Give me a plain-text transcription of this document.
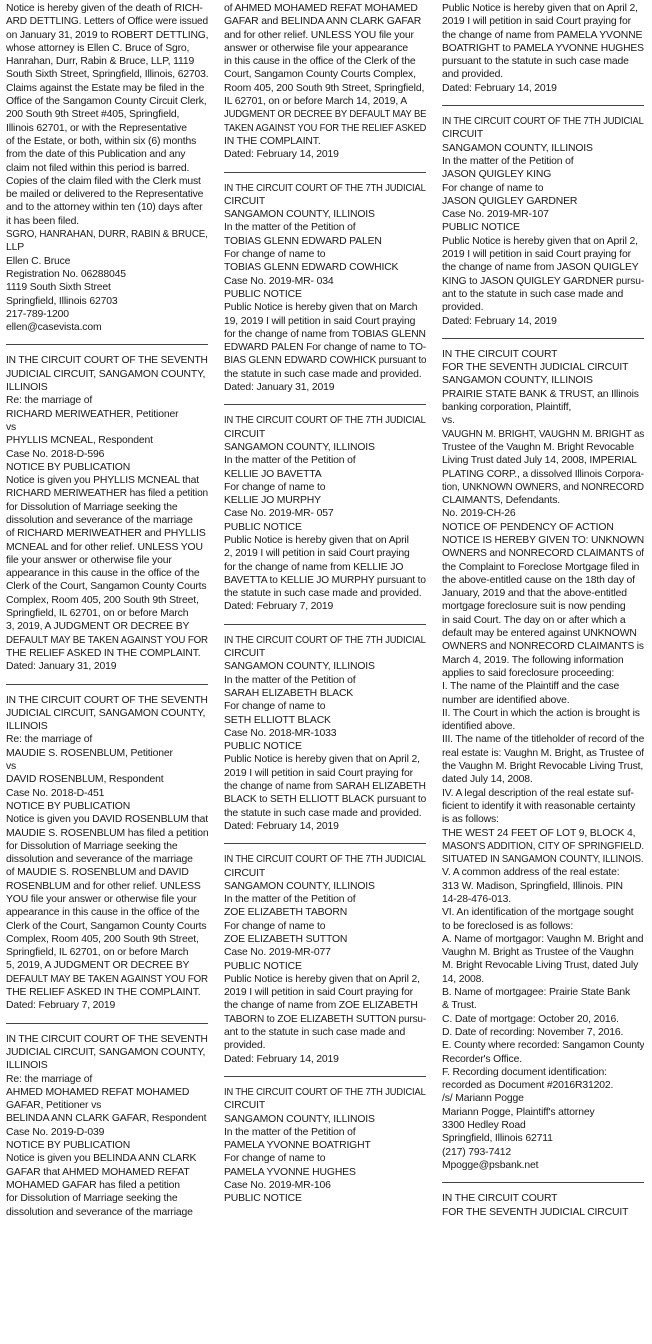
Notice is hereby given of the death of RICH-
ARD DETTLING. Letters of Office were issued
on January 31, 2019 to ROBERT DETTLING,
whose attorney is Ellen C. Bruce of Sgro,
Hanrahan, Durr, Rabin & Bruce, LLP, 1119
South Sixth Street, Springfield, Illinois, 62703.
Claims against the Estate may be filed in the
Office of the Sangamon County Circuit Clerk,
200 South 9th Street #405, Springfield,
Illinois 62701, or with the Representative
of the Estate, or both, within six (6) months
from the date of this Publication and any
claim not filed within this period is barred.
Copies of the claim filed with the Clerk must
be mailed or delivered to the Representative
and to the attorney within ten (10) days after
it has been filed.
SGRO, HANRAHAN, DURR, RABIN & BRUCE,
LLP
Ellen C. Bruce
Registration No. 06288045
1119 South Sixth Street
Springfield, Illinois 62703
217-789-1200
ellen@casevista.com
IN THE CIRCUIT COURT OF THE SEVENTH
JUDICIAL CIRCUIT, SANGAMON COUNTY,
ILLINOIS
Re: the marriage of
RICHARD MERIWEATHER, Petitioner
vs
PHYLLIS MCNEAL, Respondent
Case No. 2018-D-596
NOTICE BY PUBLICATION
Notice is given you PHYLLIS MCNEAL that
RICHARD MERIWEATHER has filed a petition
for Dissolution of Marriage seeking the
dissolution and severance of the marriage
of RICHARD MERIWEATHER and PHYLLIS
MCNEAL and for other relief. UNLESS YOU
file your answer or otherwise file your
appearance in this cause in the office of the
Clerk of the Court, Sangamon County Courts
Complex, Room 405, 200 South 9th Street,
Springfield, IL 62701, on or before March
3, 2019, A JUDGMENT OR DECREE BY
DEFAULT MAY BE TAKEN AGAINST YOU FOR
THE RELIEF ASKED IN THE COMPLAINT.
Dated: January 31, 2019
IN THE CIRCUIT COURT OF THE SEVENTH
JUDICIAL CIRCUIT, SANGAMON COUNTY,
ILLINOIS
Re: the marriage of
MAUDIE S. ROSENBLUM, Petitioner
vs
DAVID ROSENBLUM, Respondent
Case No. 2018-D-451
NOTICE BY PUBLICATION
Notice is given you DAVID ROSENBLUM that
MAUDIE S. ROSENBLUM has filed a petition
for Dissolution of Marriage seeking the
dissolution and severance of the marriage
of MAUDIE S. ROSENBLUM and DAVID
ROSENBLUM and for other relief. UNLESS
YOU file your answer or otherwise file your
appearance in this cause in the office of the
Clerk of the Court, Sangamon County Courts
Complex, Room 405, 200 South 9th Street,
Springfield, IL 62701, on or before March
5, 2019, A JUDGMENT OR DECREE BY
DEFAULT MAY BE TAKEN AGAINST YOU FOR
THE RELIEF ASKED IN THE COMPLAINT.
Dated: February 7, 2019
IN THE CIRCUIT COURT OF THE SEVENTH
JUDICIAL CIRCUIT, SANGAMON COUNTY,
ILLINOIS
Re: the marriage of
AHMED MOHAMED REFAT MOHAMED
GAFAR, Petitioner vs
BELINDA ANN CLARK GAFAR, Respondent
Case No. 2019-D-039
NOTICE BY PUBLICATION
Notice is given you BELINDA ANN CLARK
GAFAR that AHMED MOHAMED REFAT
MOHAMED GAFAR has filed a petition
for Dissolution of Marriage seeking the
dissolution and severance of the marriage
of AHMED MOHAMED REFAT MOHAMED
GAFAR and BELINDA ANN CLARK GAFAR
and for other relief. UNLESS YOU file your
answer or otherwise file your appearance
in this cause in the office of the Clerk of the
Court, Sangamon County Courts Complex,
Room 405, 200 South 9th Street, Springfield,
IL 62701, on or before March 14, 2019, A
JUDGMENT OR DECREE BY DEFAULT MAY BE
TAKEN AGAINST YOU FOR THE RELIEF ASKED
IN THE COMPLAINT.
Dated: February 14, 2019
IN THE CIRCUIT COURT OF THE 7TH JUDICIAL
CIRCUIT
SANGAMON COUNTY, ILLINOIS
In the matter of the Petition of
TOBIAS GLENN EDWARD PALEN
For change of name to
TOBIAS GLENN EDWARD COWHICK
Case No. 2019-MR- 034
PUBLIC NOTICE
Public Notice is hereby given that on March
19, 2019 I will petition in said Court praying
for the change of name from TOBIAS GLENN
EDWARD PALEN For change of name to TO-
BIAS GLENN EDWARD COWHICK pursuant to
the statute in such case made and provided.
Dated: January 31, 2019
IN THE CIRCUIT COURT OF THE 7TH JUDICIAL
CIRCUIT
SANGAMON COUNTY, ILLINOIS
In the matter of the Petition of
KELLIE JO BAVETTA
For change of name to
KELLIE JO MURPHY
Case No. 2019-MR- 057
PUBLIC NOTICE
Public Notice is hereby given that on April
2, 2019 I will petition in said Court praying
for the change of name from KELLIE JO
BAVETTA to KELLIE JO MURPHY pursuant to
the statute in such case made and provided.
Dated: February 7, 2019
IN THE CIRCUIT COURT OF THE 7TH JUDICIAL
CIRCUIT
SANGAMON COUNTY, ILLINOIS
In the matter of the Petition of
SARAH ELIZABETH BLACK
For change of name to
SETH ELLIOTT BLACK
Case No. 2018-MR-1033
PUBLIC NOTICE
Public Notice is hereby given that on April 2,
2019 I will petition in said Court praying for
the change of name from SARAH ELIZABETH
BLACK to SETH ELLIOTT BLACK pursuant to
the statute in such case made and provided.
Dated: February 14, 2019
IN THE CIRCUIT COURT OF THE 7TH JUDICIAL
CIRCUIT
SANGAMON COUNTY, ILLINOIS
In the matter of the Petition of
ZOE ELIZABETH TABORN
For change of name to
ZOE ELIZABETH SUTTON
Case No. 2019-MR-077
PUBLIC NOTICE
Public Notice is hereby given that on April 2,
2019 I will petition in said Court praying for
the change of name from ZOE ELIZABETH
TABORN to ZOE ELIZABETH SUTTON pursu-
ant to the statute in such case made and
provided.
Dated: February 14, 2019
IN THE CIRCUIT COURT OF THE 7TH JUDICIAL
CIRCUIT
SANGAMON COUNTY, ILLINOIS
In the matter of the Petition of
PAMELA YVONNE BOATRIGHT
For change of name to
PAMELA YVONNE HUGHES
Case No. 2019-MR-106
PUBLIC NOTICE
Public Notice is hereby given that on April 2,
2019 I will petition in said Court praying for
the change of name from PAMELA YVONNE
BOATRIGHT to PAMELA YVONNE HUGHES
pursuant to the statute in such case made
and provided.
Dated: February 14, 2019
IN THE CIRCUIT COURT OF THE 7TH JUDICIAL
CIRCUIT
SANGAMON COUNTY, ILLINOIS
In the matter of the Petition of
JASON QUIGLEY KING
For change of name to
JASON QUIGLEY GARDNER
Case No. 2019-MR-107
PUBLIC NOTICE
Public Notice is hereby given that on April 2,
2019 I will petition in said Court praying for
the change of name from JASON QUIGLEY
KING to JASON QUIGLEY GARDNER pursu-
ant to the statute in such case made and
provided.
Dated: February 14, 2019
IN THE CIRCUIT COURT
FOR THE SEVENTH JUDICIAL CIRCUIT
SANGAMON COUNTY, ILLINOIS
PRAIRIE STATE BANK & TRUST, an Illinois
banking corporation, Plaintiff,
vs.
VAUGHN M. BRIGHT, VAUGHN M. BRIGHT as
Trustee of the Vaughn M. Bright Revocable
Living Trust dated July 14, 2008, IMPERIAL
PLATING CORP., a dissolved Illinois Corpora-
tion, UNKNOWN OWNERS, and NONRECORD
CLAIMANTS, Defendants.
No. 2019-CH-26
NOTICE OF PENDENCY OF ACTION
NOTICE IS HEREBY GIVEN TO: UNKNOWN
OWNERS and NONRECORD CLAIMANTS of
the Complaint to Foreclose Mortgage filed in
the above-entitled cause on the 18th day of
January, 2019 and that the above-entitled
mortgage foreclosure suit is now pending
in said Court. The day on or after which a
default may be entered against UNKNOWN
OWNERS and NONRECORD CLAIMANTS is
March 4, 2019. The following information
applies to said foreclosure proceeding:
I. The name of the Plaintiff and the case
number are identified above.
II. The Court in which the action is brought is
identified above.
III. The name of the titleholder of record of the
real estate is: Vaughn M. Bright, as Trustee of
the Vaughn M. Bright Revocable Living Trust,
dated July 14, 2008.
IV. A legal description of the real estate suf-
ficient to identify it with reasonable certainty
is as follows:
THE WEST 24 FEET OF LOT 9, BLOCK 4,
MASON'S ADDITION, CITY OF SPRINGFIELD.
SITUATED IN SANGAMON COUNTY, ILLINOIS.
V. A common address of the real estate:
313 W. Madison, Springfield, Illinois. PIN
14-28-476-013.
VI. An identification of the mortgage sought
to be foreclosed is as follows:
A. Name of mortgagor: Vaughn M. Bright and
Vaughn M. Bright as Trustee of the Vaughn
M. Bright Revocable Living Trust, dated July
14, 2008.
B. Name of mortgagee: Prairie State Bank
& Trust.
C. Date of mortgage: October 20, 2016.
D. Date of recording: November 7, 2016.
E. County where recorded: Sangamon County
Recorder's Office.
F. Recording document identification:
recorded as Document #2016R31202.
/s/ Mariann Pogge
Mariann Pogge, Plaintiff's attorney
3300 Hedley Road
Springfield, Illinois 62711
(217) 793-7412
Mpogge@psbank.net
IN THE CIRCUIT COURT
FOR THE SEVENTH JUDICIAL CIRCUIT
